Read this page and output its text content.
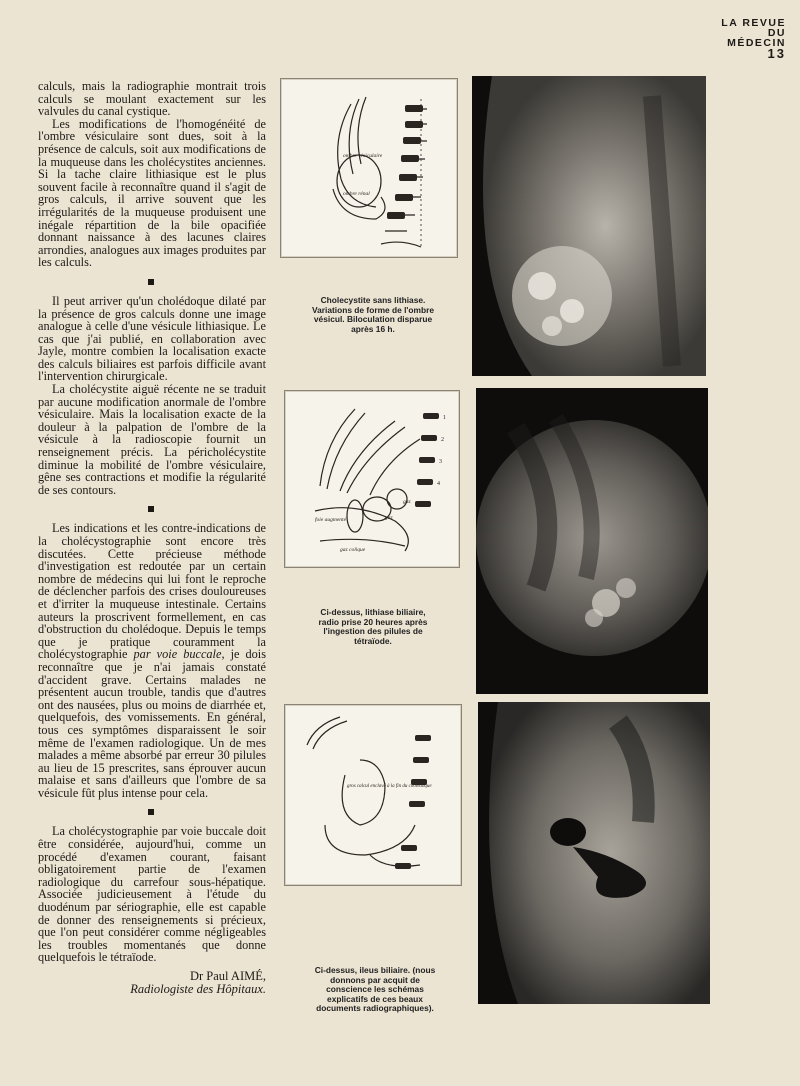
LA REVUE
DU
MÉDECIN
13

calculs, mais la radiographie montrait trois calculs se moulant exactement sur les valvules du canal cystique.

Les modifications de l'homogénéité de l'ombre vésiculaire sont dues, soit à la présence de calculs, soit aux modifications de la muqueuse dans les cholécystites anciennes. Si la tache claire lithiasique est le plus souvent facile à reconnaître quand il s'agit de gros calculs, il arrive souvent que les irrégularités de la muqueuse produisent une inégale répartition de la bile opacifiée donnant naissance à des lacunes claires arrondies, analogues aux images produites par les calculs.

Il peut arriver qu'un cholédoque dilaté par la présence de gros calculs donne une image analogue à celle d'une vésicule lithiasique. Le cas que j'ai publié, en collaboration avec Jayle, montre combien la localisation exacte des calculs biliaires est parfois difficile avant l'intervention chirurgicale.

La cholécystite aiguë récente ne se traduit par aucune modification anormale de l'ombre vésiculaire. Mais la localisation exacte de la douleur à la palpation de l'ombre de la vésicule à la radioscopie fournit un renseignement précis. La péricholécystite diminue la mobilité de l'ombre vésiculaire, gêne ses contractions et modifie la régularité de ses contours.

Les indications et les contre-indications de la cholécystographie sont encore très discutées. Cette précieuse méthode d'investigation est redoutée par un certain nombre de médecins qui lui font le reproche de déclencher parfois des crises douloureuses et d'irriter la muqueuse intestinale. Certains auteurs la proscrivent formellement, en cas d'obstruction du cholédoque. Depuis le temps que je pratique couramment la cholécystographie par voie buccale, je dois reconnaître que je n'ai jamais constaté d'accident grave. Certains malades ne présentent aucun trouble, tandis que d'autres ont des nausées, plus ou moins de diarrhée et, quelquefois, des vomissements. En général, tous ces symptômes disparaissent le soir même de l'examen radiologique. Un de mes malades a même absorbé par erreur 30 pilules au lieu de 15 prescrites, sans éprouver aucun malaise et sans d'ailleurs que l'ombre de sa vésicule fût plus intense pour cela.

La cholécystographie par voie buccale doit être considérée, aujourd'hui, comme un procédé d'examen courant, faisant obligatoirement partie de l'examen radiologique du carrefour sous-hépatique. Associée judicieusement à l'étude du duodénum par sériographie, elle est capable de donner des renseignements si précieux, que l'on peut considérer comme négligeables les troubles momentanés que donne quelquefois le tétraïode.

Dr Paul AIMÉ,
Radiologiste des Hôpitaux.
ombre vésiculaire
ombre rénal
Cholecystite sans lithiase. Variations de forme de l'ombre vésicul. Biloculation disparue après 16 h.
foie augmenté	gaz
gaz
gaz colique
1
2
3
4
Ci-dessus, lithiase biliaire, radio prise 20 heures après l'ingestion des pilules de tétraïode.
gros calcul enclavé à la fin du cholédoque
Ci-dessus, ileus biliaire. (nous donnons par acquit de conscience les schémas explicatifs de ces beaux documents radiographiques).
